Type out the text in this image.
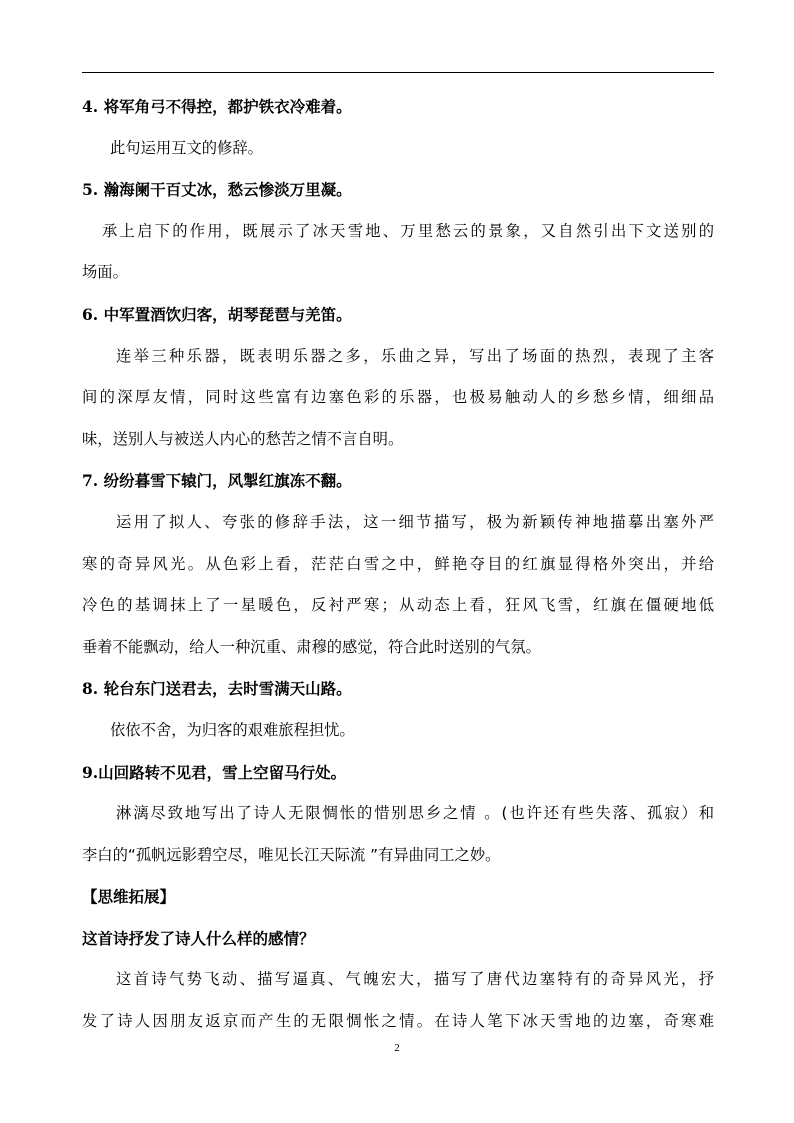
4. 将军角弓不得控，都护铁衣冷难着。
此句运用互文的修辞。
5. 瀚海阑干百丈冰，愁云惨淡万里凝。
承上启下的作用，既展示了冰天雪地、万里愁云的景象，又自然引出下文送别的
场面。
6. 中军置酒饮归客，胡琴琵琶与羌笛。
连举三种乐器，既表明乐器之多，乐曲之异，写出了场面的热烈，表现了主客
间的深厚友情，同时这些富有边塞色彩的乐器，也极易触动人的乡愁乡情，细细品
味，送别人与被送人内心的愁苦之情不言自明。
7. 纷纷暮雪下辕门，风掣红旗冻不翻。
运用了拟人、夸张的修辞手法，这一细节描写，极为新颖传神地描摹出塞外严
寒的奇异风光。从色彩上看，茫茫白雪之中，鲜艳夺目的红旗显得格外突出，并给
冷色的基调抹上了一星暖色，反衬严寒；从动态上看，狂风飞雪，红旗在僵硬地低
垂着不能飘动，给人一种沉重、肃穆的感觉，符合此时送别的气氛。
8. 轮台东门送君去，去时雪满天山路。
依依不舍，为归客的艰难旅程担忧。
9.山回路转不见君，雪上空留马行处。
淋漓尽致地写出了诗人无限惆怅的惜别思乡之情 。(也许还有些失落、孤寂）和
李白的“孤帆远影碧空尽，唯见长江天际流 ”有异曲同工之妙。
【思维拓展】
这首诗抒发了诗人什么样的感情？
这首诗气势飞动、描写逼真、气魄宏大，描写了唐代边塞特有的奇异风光，抒
发了诗人因朋友返京而产生的无限惆怅之情。在诗人笔下冰天雪地的边塞，奇寒难
2
